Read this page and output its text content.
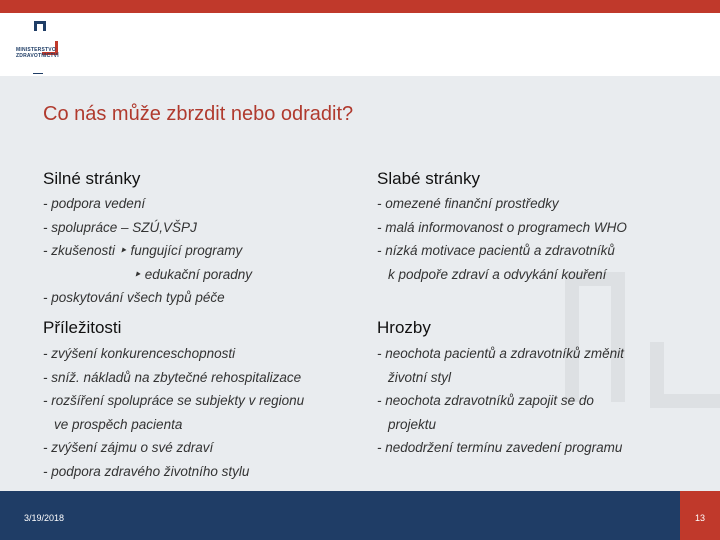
MINISTERSTVO ZDRAVOTNICTVÍ
Co nás může zbrzdit nebo odradit?
Silné stránky
- podpora vedení
- spolupráce – SZÚ,VŠPJ
- zkušenosti ‣ fungující programy
‣ edukační poradny
- poskytování všech typů péče
Slabé stránky
- omezené finanční prostředky
- malá informovanost o programech WHO
- nízká motivace pacientů a zdravotníků
k podpoře zdraví a odvykání kouření
Příležitosti
- zvýšení konkurenceschopnosti
- sníž. nákladů na zbytečné rehospitalizace
- rozšíření spolupráce se subjekty v regionu
ve prospěch pacienta
- zvýšení zájmu o své zdraví
- podpora zdravého životního stylu
Hrozby
- neochota pacientů a zdravotníků změnit
životní styl
- neochota zdravotníků zapojit se do
projektu
- nedodržení termínu zavedení programu
3/19/2018	13
